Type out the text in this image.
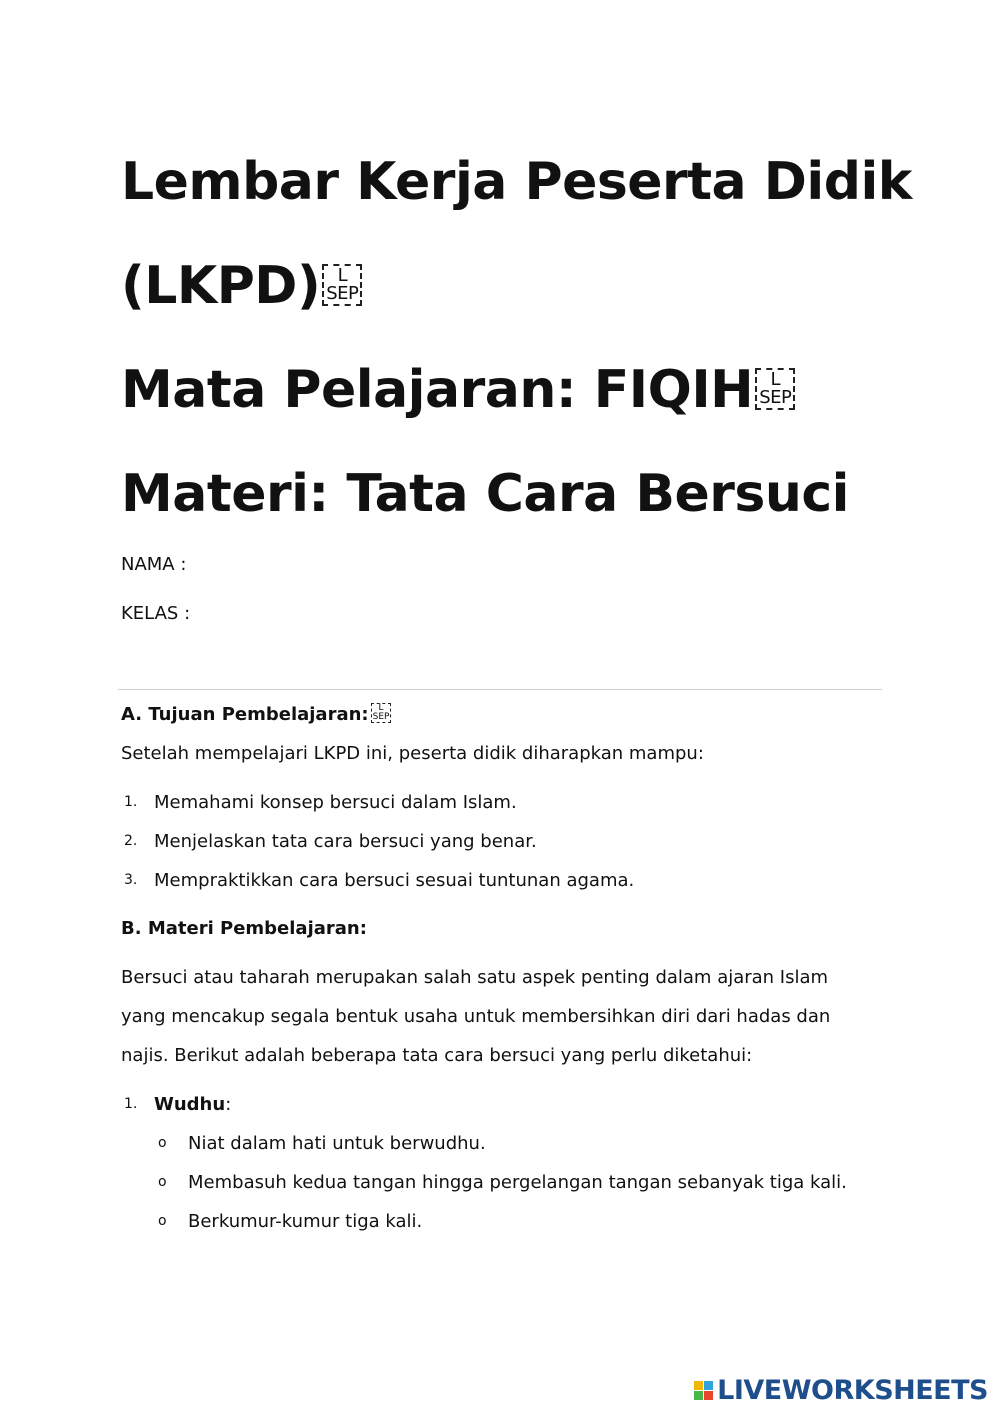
Lembar Kerja Peserta Didik
(LKPD) L
SEP
Mata Pelajaran: FIQIH L
SEP
Materi: Tata Cara Bersuci
NAMA :
KELAS :

A. Tujuan Pembelajaran: L
SEP

Setelah mempelajari LKPD ini, peserta didik diharapkan mampu:

1. Memahami konsep bersuci dalam Islam.
2. Menjelaskan tata cara bersuci yang benar.
3. Mempraktikkan cara bersuci sesuai tuntunan agama.

B. Materi Pembelajaran:

Bersuci atau taharah merupakan salah satu aspek penting dalam ajaran Islam

yang mencakup segala bentuk usaha untuk membersihkan diri dari hadas dan

najis. Berikut adalah beberapa tata cara bersuci yang perlu diketahui:

1. Wudhu:
o Niat dalam hati untuk berwudhu.
o Membasuh kedua tangan hingga pergelangan tangan sebanyak tiga kali.
o Berkumur-kumur tiga kali.
LIVEWORKSHEETS
